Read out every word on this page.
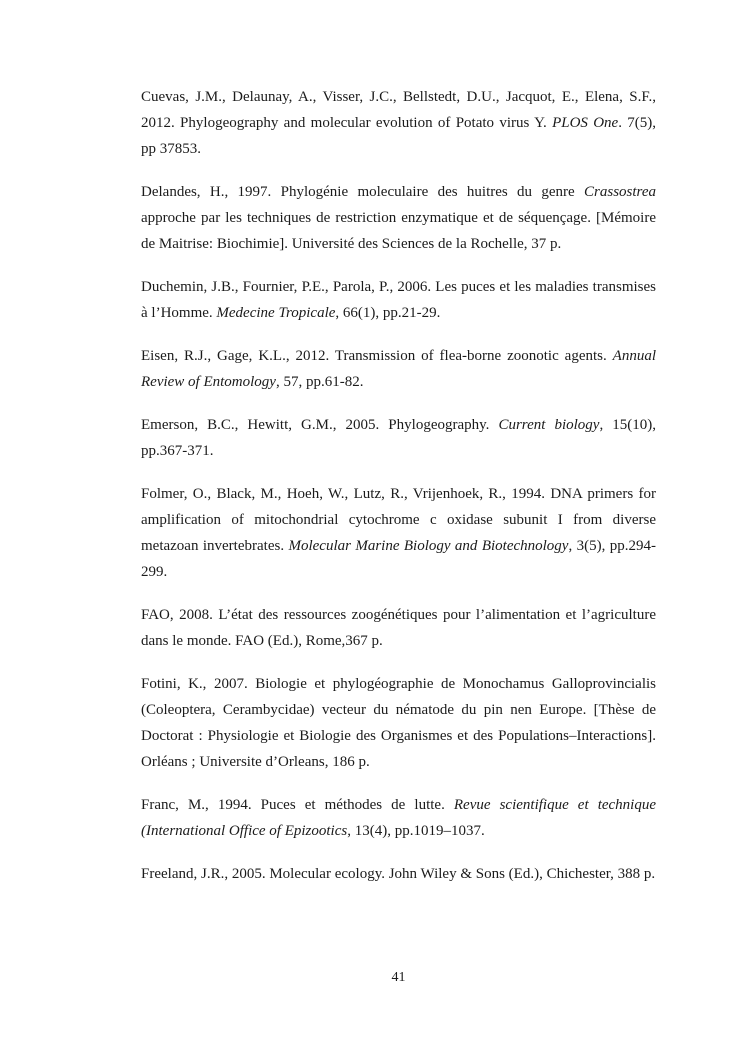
Cuevas, J.M., Delaunay, A., Visser, J.C., Bellstedt, D.U., Jacquot, E., Elena, S.F., 2012. Phylogeography and molecular evolution of Potato virus Y. PLOS One. 7(5), pp 37853.

Delandes, H., 1997. Phylogénie moleculaire des huitres du genre Crassostrea approche par les techniques de restriction enzymatique et de séquençage. [Mémoire de Maitrise: Biochimie]. Université des Sciences de la Rochelle, 37 p.

Duchemin, J.B., Fournier, P.E., Parola, P., 2006. Les puces et les maladies transmises à l’Homme. Medecine Tropicale, 66(1), pp.21-29.

Eisen, R.J., Gage, K.L., 2012. Transmission of flea-borne zoonotic agents. Annual Review of Entomology, 57, pp.61-82.

Emerson, B.C., Hewitt, G.M., 2005. Phylogeography. Current biology, 15(10), pp.367-371.

Folmer, O., Black, M., Hoeh, W., Lutz, R., Vrijenhoek, R., 1994. DNA primers for amplification of mitochondrial cytochrome c oxidase subunit I from diverse metazoan invertebrates. Molecular Marine Biology and Biotechnology, 3(5), pp.294-299.

FAO, 2008. L’état des ressources zoogénétiques pour l’alimentation et l’agriculture dans le monde. FAO (Ed.), Rome,367 p.

Fotini, K., 2007. Biologie et phylogéographie de Monochamus Galloprovincialis (Coleoptera, Cerambycidae) vecteur du nématode du pin nen Europe. [Thèse de Doctorat : Physiologie et Biologie des Organismes et des Populations–Interactions]. Orléans ; Universite d’Orleans, 186 p.

Franc, M., 1994. Puces et méthodes de lutte. Revue scientifique et technique (International Office of Epizootics, 13(4), pp.1019–1037.

Freeland, J.R., 2005. Molecular ecology. John Wiley & Sons (Ed.), Chichester, 388 p.

41
